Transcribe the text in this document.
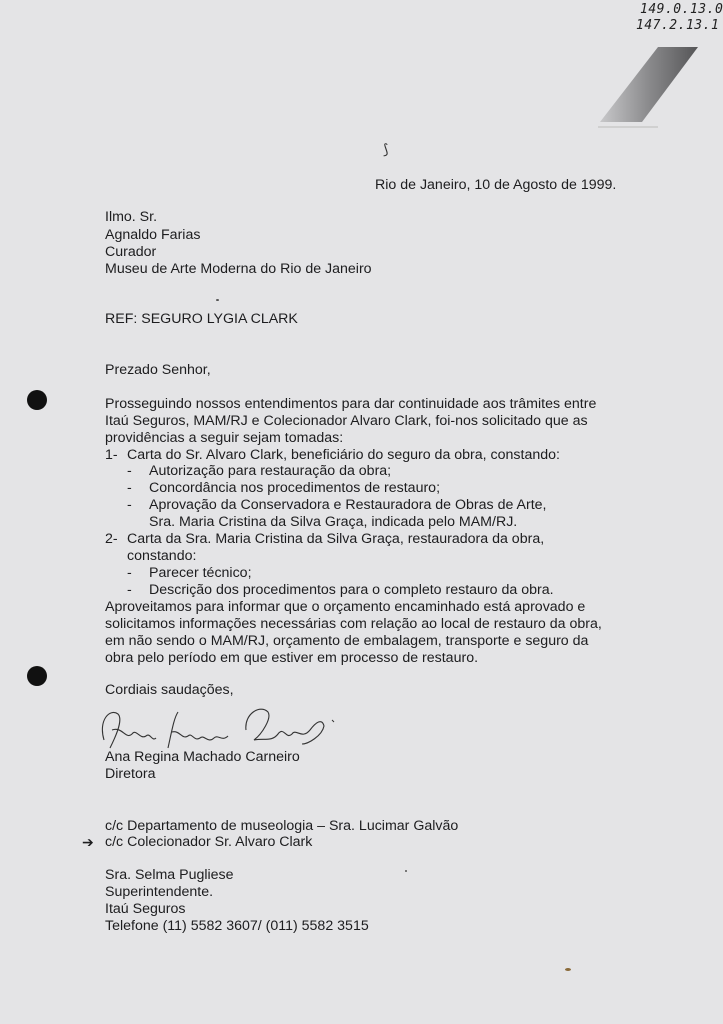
149.0.13.0
147.2.13.1
⟆
Rio de Janeiro, 10 de Agosto de 1999.
Ilmo. Sr.
Agnaldo Farias
Curador
Museu de Arte Moderna do Rio de Janeiro
REF: SEGURO LYGIA CLARK
Prezado Senhor,
Prosseguindo nossos entendimentos para dar continuidade aos trâmites entre
Itaú Seguros, MAM/RJ e Colecionador Alvaro Clark, foi-nos solicitado que as
providências a seguir sejam tomadas:
1- Carta do Sr. Alvaro Clark, beneficiário do seguro da obra, constando:
- Autorização para restauração da obra;
- Concordância nos procedimentos de restauro;
- Aprovação da Conservadora e Restauradora de Obras de Arte,
Sra. Maria Cristina da Silva Graça, indicada pelo MAM/RJ.
2- Carta da Sra. Maria Cristina da Silva Graça, restauradora da obra,
constando:
- Parecer técnico;
- Descrição dos procedimentos para o completo restauro da obra.
Aproveitamos para informar que o orçamento encaminhado está aprovado e
solicitamos informações necessárias com relação ao local de restauro da obra,
em não sendo o MAM/RJ, orçamento de embalagem, transporte e seguro da
obra pelo período em que estiver em processo de restauro.
Cordiais saudações,
Ana Regina Machado Carneiro
Diretora
c/c Departamento de museologia – Sra. Lucimar Galvão
➔ c/c Colecionador Sr. Alvaro Clark
Sra. Selma Pugliese
Superintendente.
Itaú Seguros
Telefone (11) 5582 3607/ (011) 5582 3515
